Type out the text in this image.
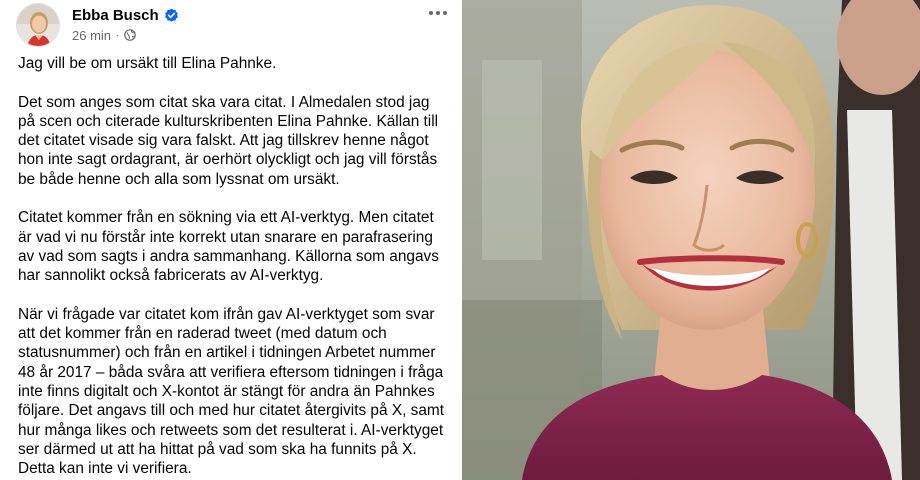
Ebba Busch
26 min ·

Jag vill be om ursäkt till Elina Pahnke.

Det som anges som citat ska vara citat. I Almedalen stod jag på scen och citerade kulturskribenten Elina Pahnke. Källan till det citatet visade sig vara falskt. Att jag tillskrev henne något hon inte sagt ordagrant, är oerhört olyckligt och jag vill förstås be både henne och alla som lyssnat om ursäkt.

Citatet kommer från en sökning via ett AI-verktyg. Men citatet är vad vi nu förstår inte korrekt utan snarare en parafrasering av vad som sagts i andra sammanhang. Källorna som angavs har sannolikt också fabricerats av AI-verktyg.

När vi frågade var citatet kom ifrån gav AI-verktyget som svar att det kommer från en raderad tweet (med datum och statusnummer) och från en artikel i tidningen Arbetet nummer 48 år 2017 – båda svåra att verifiera eftersom tidningen i fråga inte finns digitalt och X-kontot är stängt för andra än Pahnkes följare. Det angavs till och med hur citatet återgivits på X, samt hur många likes och retweets som det resulterat i. AI-verktyget ser därmed ut att ha hittat på vad som ska ha funnits på X. Detta kan inte vi verifiera.
